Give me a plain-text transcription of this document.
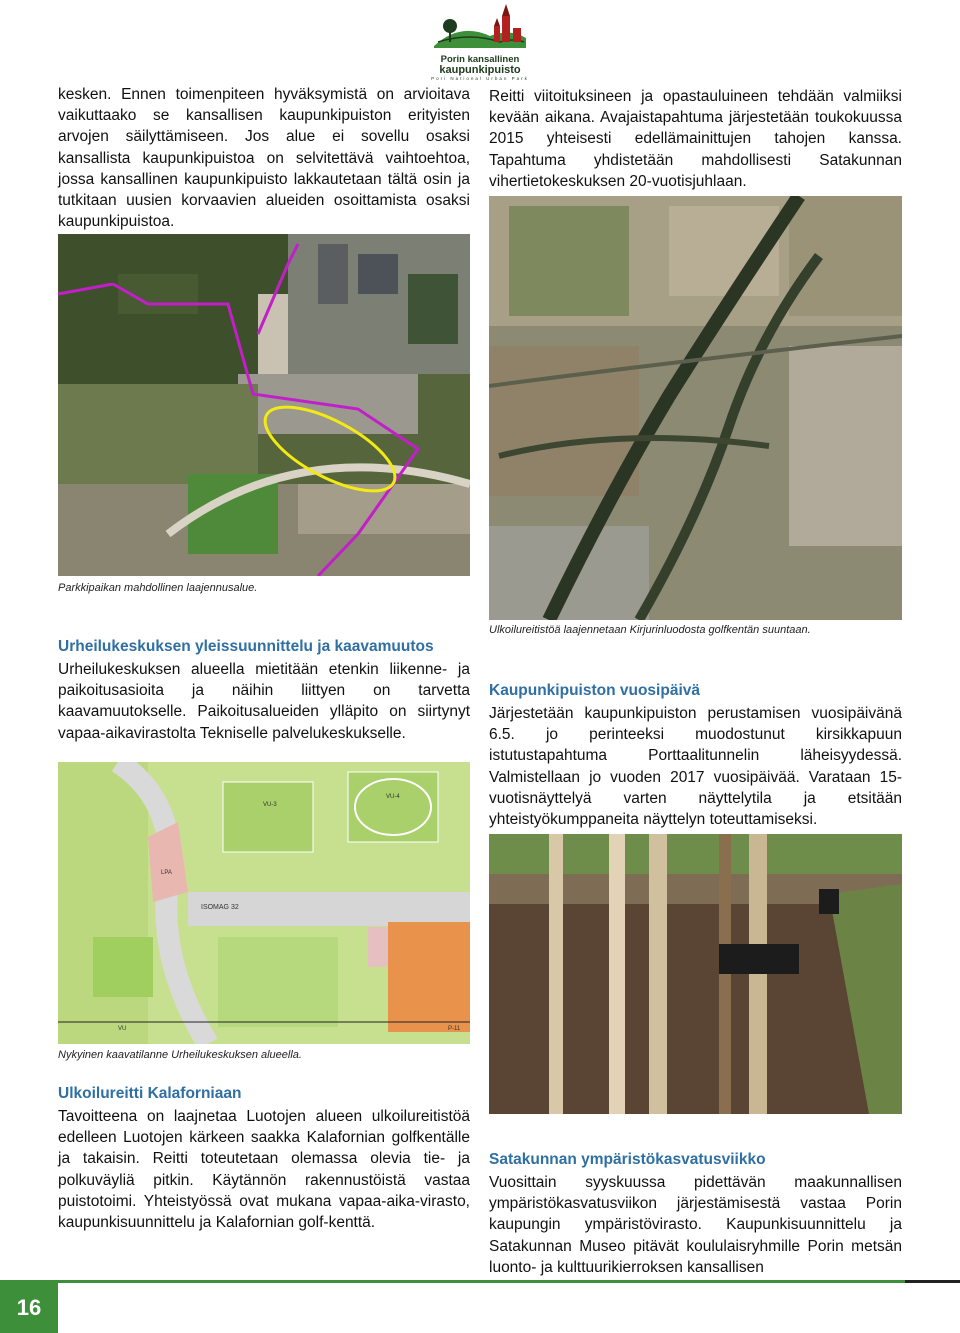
Porin kansallinen
kaupunkipuisto
Pori National Urban Park
kesken. Ennen toimenpiteen hyväksymistä on arvioitava vaikuttaako se kansallisen kaupunkipuiston erityisten arvojen säilyttämiseen. Jos alue ei sovellu osaksi kansallista kaupunkipuistoa on selvitettävä vaihtoehtoa, jossa kansallinen kaupunkipuisto lakkautetaan tältä osin ja tutkitaan uusien korvaavien alueiden osoittamista osaksi kaupunkipuistoa.
Parkkipaikan mahdollinen laajennusalue.
Urheilukeskuksen yleissuunnittelu ja kaavamuutos
Urheilukeskuksen alueella mietitään etenkin liikenne- ja paikoitusasioita ja näihin liittyen on tarvetta kaavamuutokselle. Paikoitusalueiden ylläpito on siirtynyt vapaa-aikavirastolta Tekniselle palvelukeskukselle.
VU-3
VU-4
LPA
ISOMAG 32
VU	P-11
Nykyinen kaavatilanne Urheilukeskuksen alueella.
Ulkoilureitti Kalaforniaan
Tavoitteena on laajnetaa Luotojen alueen ulkoilureitistöä edelleen Luotojen kärkeen saakka Kalafornian golfkentälle ja takaisin. Reitti toteutetaan olemassa olevia tie- ja polkuväyliä pitkin. Käytännön rakennustöistä vastaa puistotoimi. Yhteistyössä ovat mukana vapaa-aika-virasto, kaupunkisuunnittelu ja Kalafornian golf-kenttä.
Reitti viitoituksineen ja opastauluineen tehdään valmiiksi kevään aikana. Avajaistapahtuma järjestetään toukokuussa 2015 yhteisesti edellämainittujen tahojen kanssa. Tapahtuma yhdistetään mahdollisesti Satakunnan vihertietokeskuksen 20-vuotisjuhlaan.
Ulkoilureitistöä laajennetaan Kirjurinluodosta golfkentän suuntaan.
Kaupunkipuiston vuosipäivä
Järjestetään kaupunkipuiston perustamisen vuosipäivänä 6.5. jo perinteeksi muodostunut kirsikkapuun istutustapahtuma Porttaalitunnelin läheisyydessä. Valmistellaan jo vuoden 2017 vuosipäivää. Varataan 15-vuotisnäyttelyä varten näyttelytila ja etsitään yhteistyökumppaneita näyttelyn toteuttamiseksi.
Satakunnan ympäristökasvatusviikko
Vuosittain syyskuussa pidettävän maakunnallisen ympäristökasvatusviikon järjestämisestä vastaa Porin kaupungin ympäristövirasto. Kaupunkisuunnittelu ja Satakunnan Museo pitävät koululaisryhmille Porin metsän luonto- ja kulttuurikierroksen kansallisen
16
